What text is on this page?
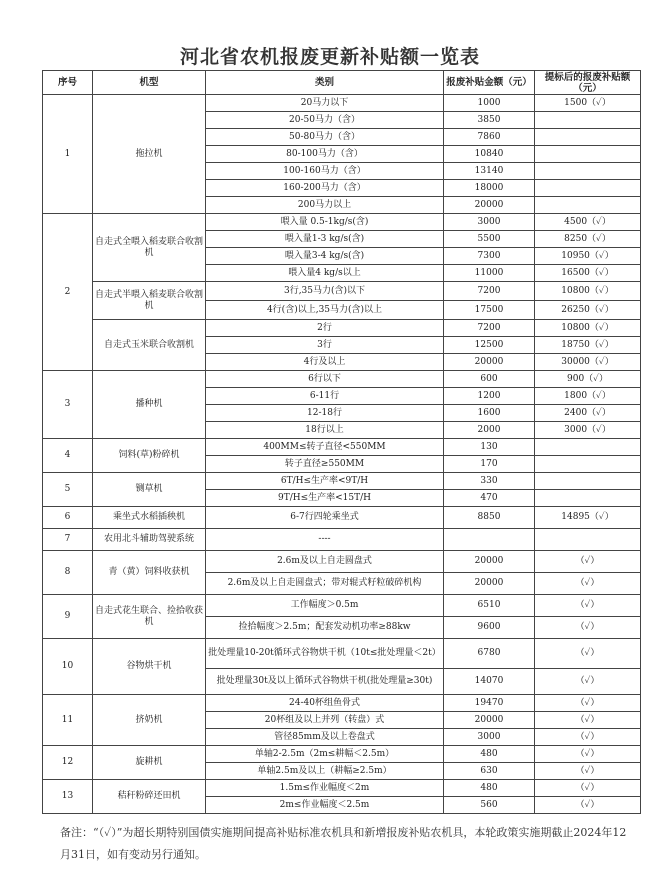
河北省农机报废更新补贴额一览表
序号	机型	类别	报废补贴金额（元）	提标后的报废补贴额（元）
1	拖拉机	20马力以下	1000	1500（✓）
		20-50马力（含）	3850	
		50-80马力（含）	7860	
		80-100马力（含）	10840	
		100-160马力（含）	13140	
		160-200马力（含）	18000	
		200马力以上	20000	
2	自走式全喂入稻麦联合收割机	喂入量 0.5-1kg/s(含)	3000	4500（✓）
		喂入量1-3 kg/s(含)	5500	8250（✓）
		喂入量3-4 kg/s(含)	7300	10950（✓）
		喂入量4 kg/s以上	11000	16500（✓）
	自走式半喂入稻麦联合收割机	3行,35马力(含)以下	7200	10800（✓）
		4行(含)以上,35马力(含)以上	17500	26250（✓）
	自走式玉米联合收割机	2行	7200	10800（✓）
		3行	12500	18750（✓）
		4行及以上	20000	30000（✓）
3	播种机	6行以下	600	900（✓）
		6-11行	1200	1800（✓）
		12-18行	1600	2400（✓）
		18行以上	2000	3000（✓）
4	饲料(草)粉碎机	400MM≤转子直径<550MM	130	
		转子直径≥550MM	170	
5	铡草机	6T/H≤生产率<9T/H	330	
		9T/H≤生产率<15T/H	470	
6	乘坐式水稻插秧机	6-7行四轮乘坐式	8850	14895（✓）
7	农用北斗辅助驾驶系统	----		
8	青（黄）饲料收获机	2.6m及以上自走圆盘式	20000	（✓）
		2.6m及以上自走圆盘式；带对辊式籽粒破碎机构	20000	（✓）
9	自走式花生联合、捡拾收获机	工作幅度＞0.5m	6510	（✓）
		捡拾幅度＞2.5m；配套发动机功率≥88kw	9600	（✓）
10	谷物烘干机	批处理量10-20t循环式谷物烘干机（10t≤批处理量＜2t）	6780	（✓）
		批处理量30t及以上循环式谷物烘干机(批处理量≥30t)	14070	（✓）
11	挤奶机	24-40杯组鱼骨式	19470	（✓）
		20杯组及以上并列（转盘）式	20000	（✓）
		管径85mm及以上卷盘式	3000	（✓）
12	旋耕机	单轴2-2.5m（2m≤耕幅＜2.5m）	480	（✓）
		单轴2.5m及以上（耕幅≥2.5m）	630	（✓）
13	秸秆粉碎还田机	1.5m≤作业幅度＜2m	480	（✓）
		2m≤作业幅度＜2.5m	560	（✓）
备注：“（✓）”为超长期特别国债实施期间提高补贴标准农机具和新增报废补贴农机具，本轮政策实施期截止2024年12月31日，如有变动另行通知。
